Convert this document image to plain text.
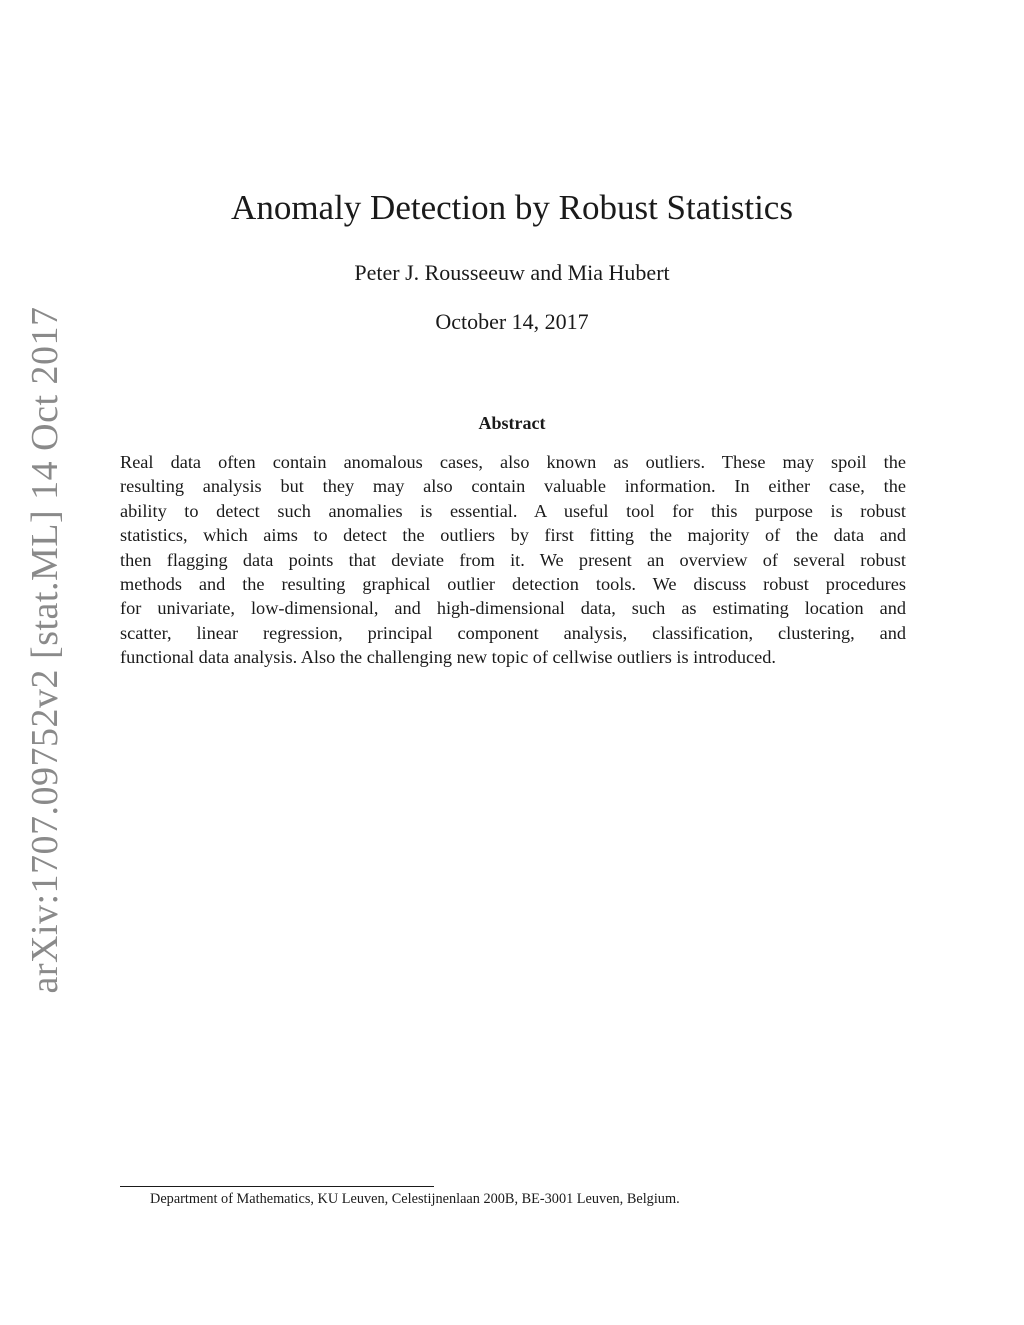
arXiv:1707.09752v2 [stat.ML] 14 Oct 2017
Anomaly Detection by Robust Statistics
Peter J. Rousseeuw and Mia Hubert
October 14, 2017
Abstract
Real data often contain anomalous cases, also known as outliers. These may spoil the
resulting analysis but they may also contain valuable information. In either case, the
ability to detect such anomalies is essential. A useful tool for this purpose is robust
statistics, which aims to detect the outliers by first fitting the majority of the data and
then flagging data points that deviate from it. We present an overview of several robust
methods and the resulting graphical outlier detection tools. We discuss robust procedures
for univariate, low-dimensional, and high-dimensional data, such as estimating location and
scatter, linear regression, principal component analysis, classification, clustering, and
functional data analysis. Also the challenging new topic of cellwise outliers is introduced.
Department of Mathematics, KU Leuven, Celestijnenlaan 200B, BE-3001 Leuven, Belgium.
